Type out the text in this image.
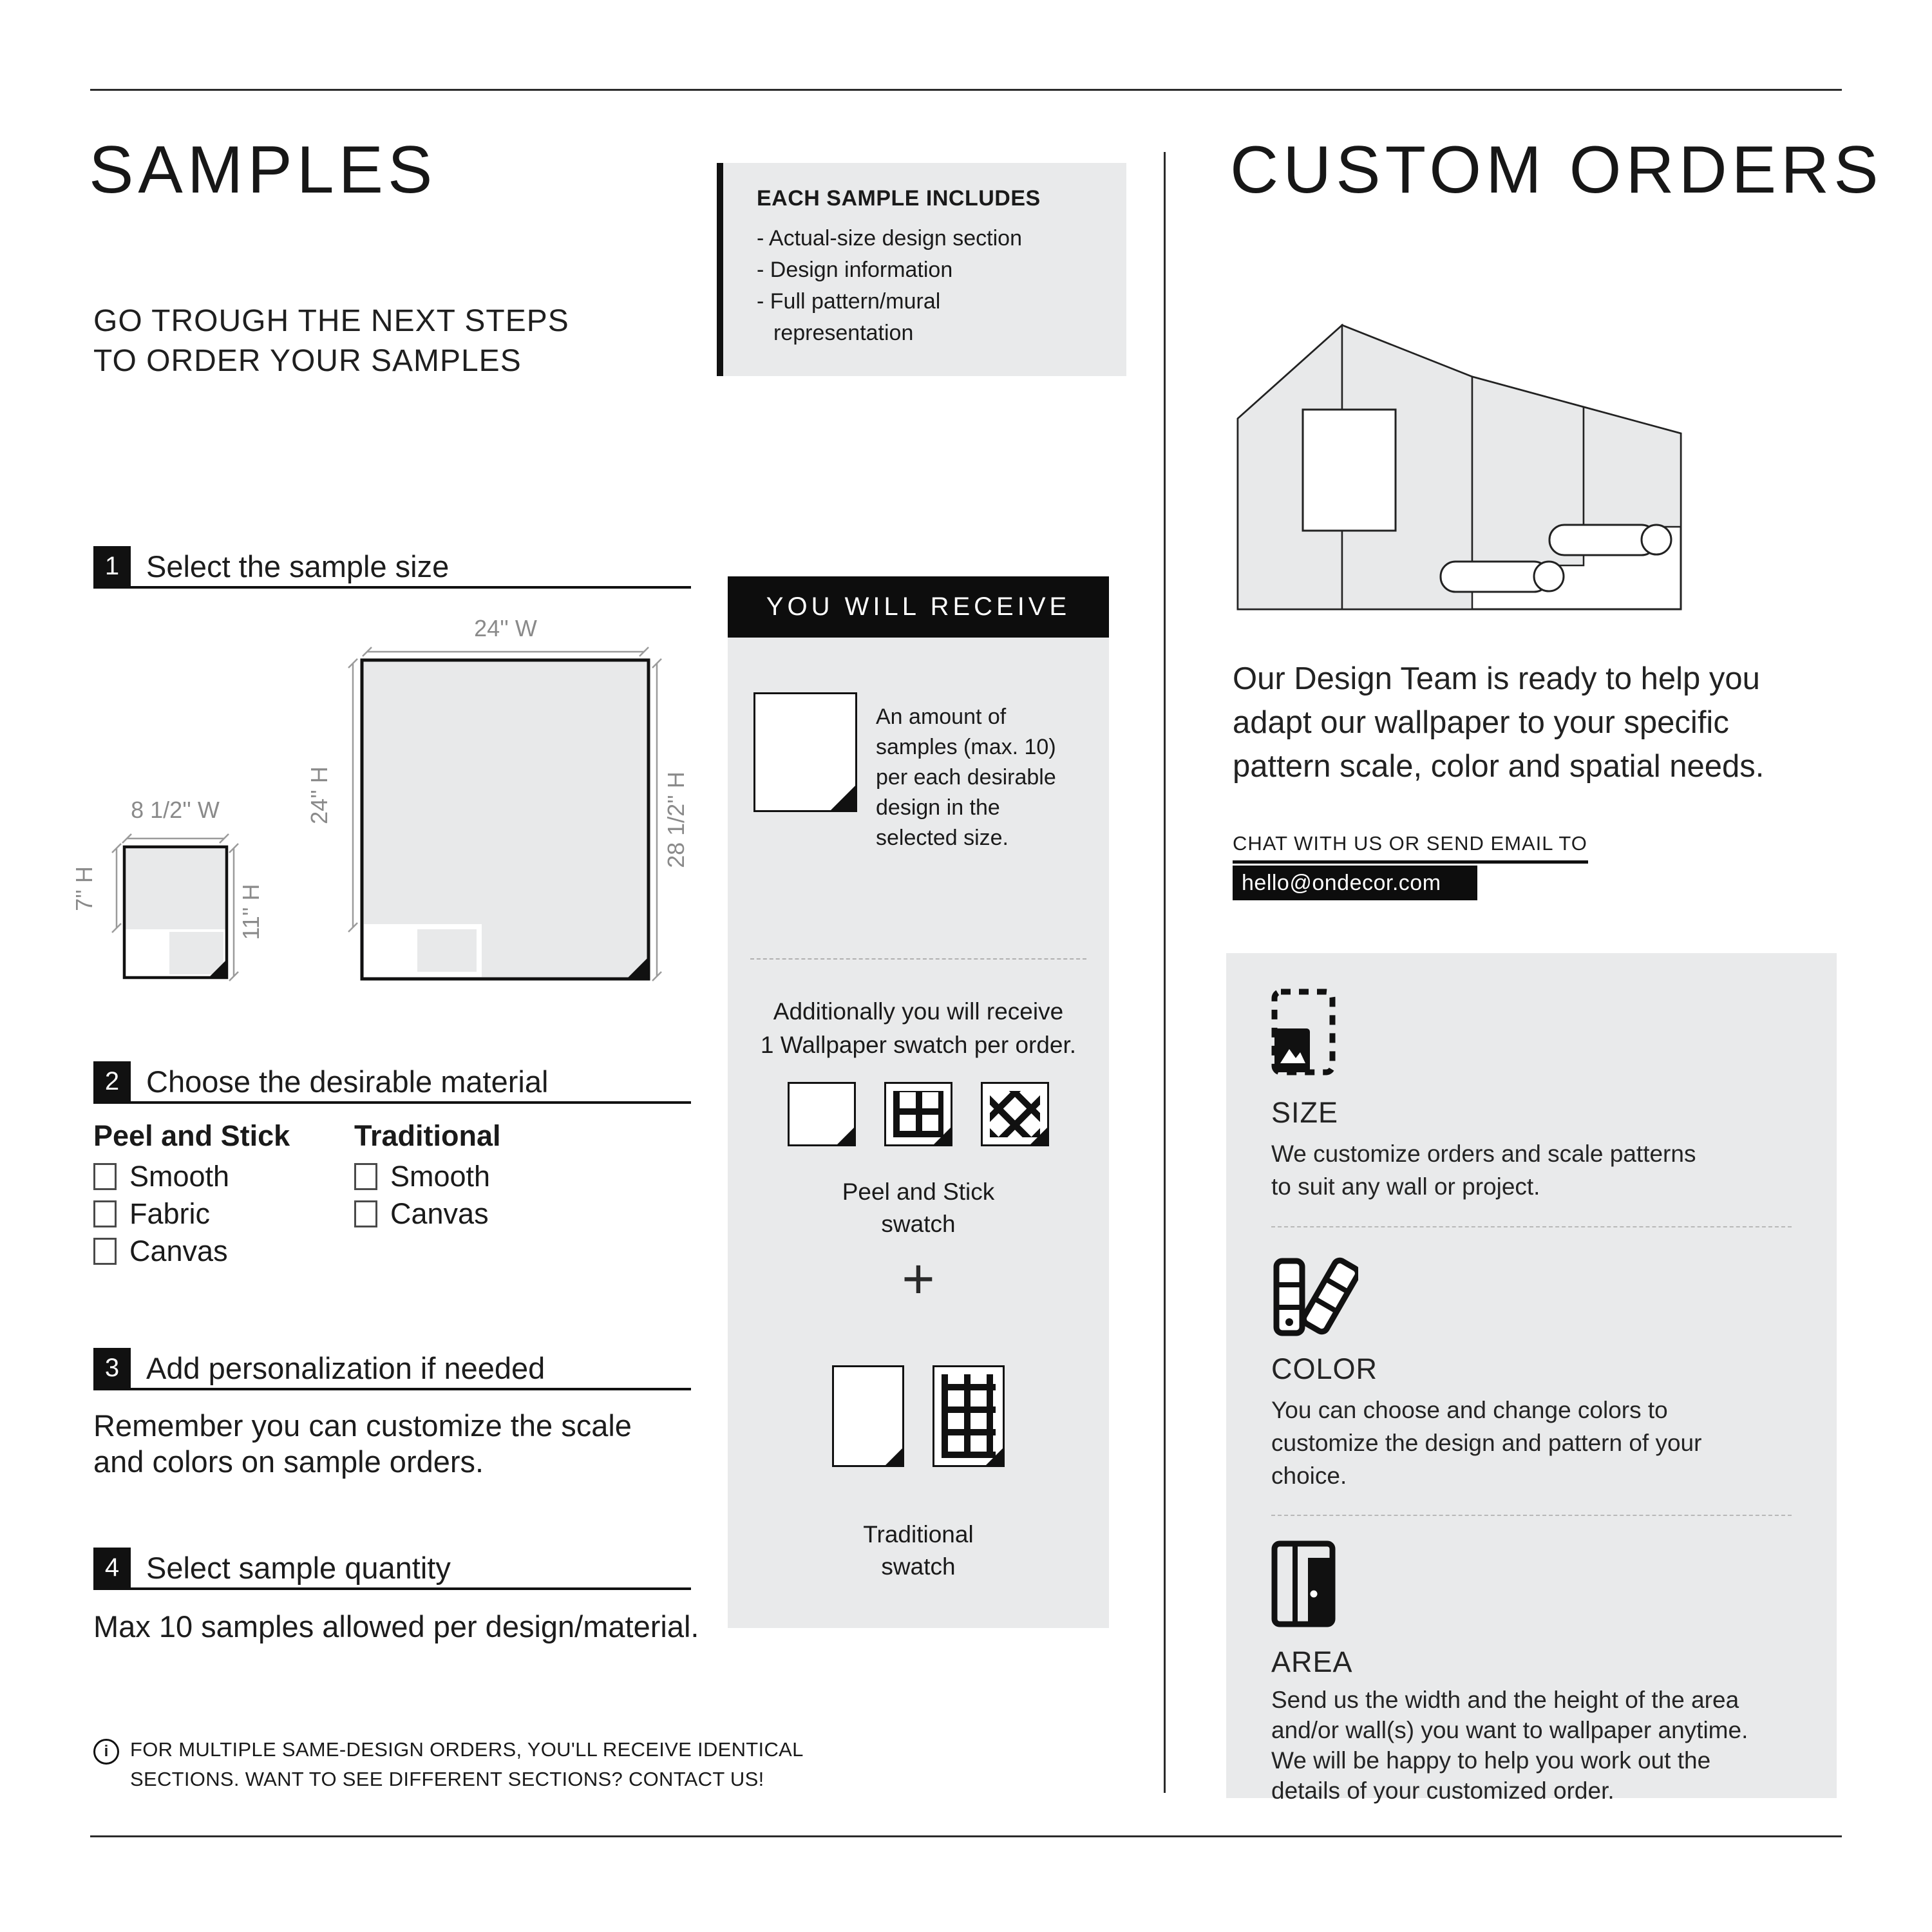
SAMPLES
GO TROUGH THE NEXT STEPS
TO ORDER YOUR SAMPLES
EACH SAMPLE INCLUDES
- Actual-size design section
- Design information
- Full pattern/mural
representation
1 Select the sample size
2 Choose the desirable material
3 Add personalization if needed
4 Select sample quantity
24'' W
24'' H	28 1/2'' H
8 1/2'' W
7'' H	11'' H
Peel and Stick Traditional
Smooth
Fabric
Canvas
Smooth
Canvas
Remember you can customize the scale
and colors on sample orders.
Max 10 samples allowed per design/material.
i FOR MULTIPLE SAME-DESIGN ORDERS, YOU'LL RECEIVE IDENTICAL
SECTIONS. WANT TO SEE DIFFERENT SECTIONS? CONTACT US!
YOU WILL RECEIVE
An amount of
samples (max. 10)
per each desirable
design in the
selected size.
Additionally you will receive
1 Wallpaper swatch per order.
Peel and Stick
swatch
+
Traditional
swatch
CUSTOM ORDERS
Our Design Team is ready to help you
adapt our wallpaper to your specific
pattern scale, color and spatial needs.
CHAT WITH US OR SEND EMAIL TO
hello@ondecor.com
SIZE
We customize orders and scale patterns
to suit any wall or project.
COLOR
You can choose and change colors to
customize the design and pattern of your
choice.
AREA
Send us the width and the height of the area
and/or wall(s) you want to wallpaper anytime.
We will be happy to help you work out the
details of your customized order.
